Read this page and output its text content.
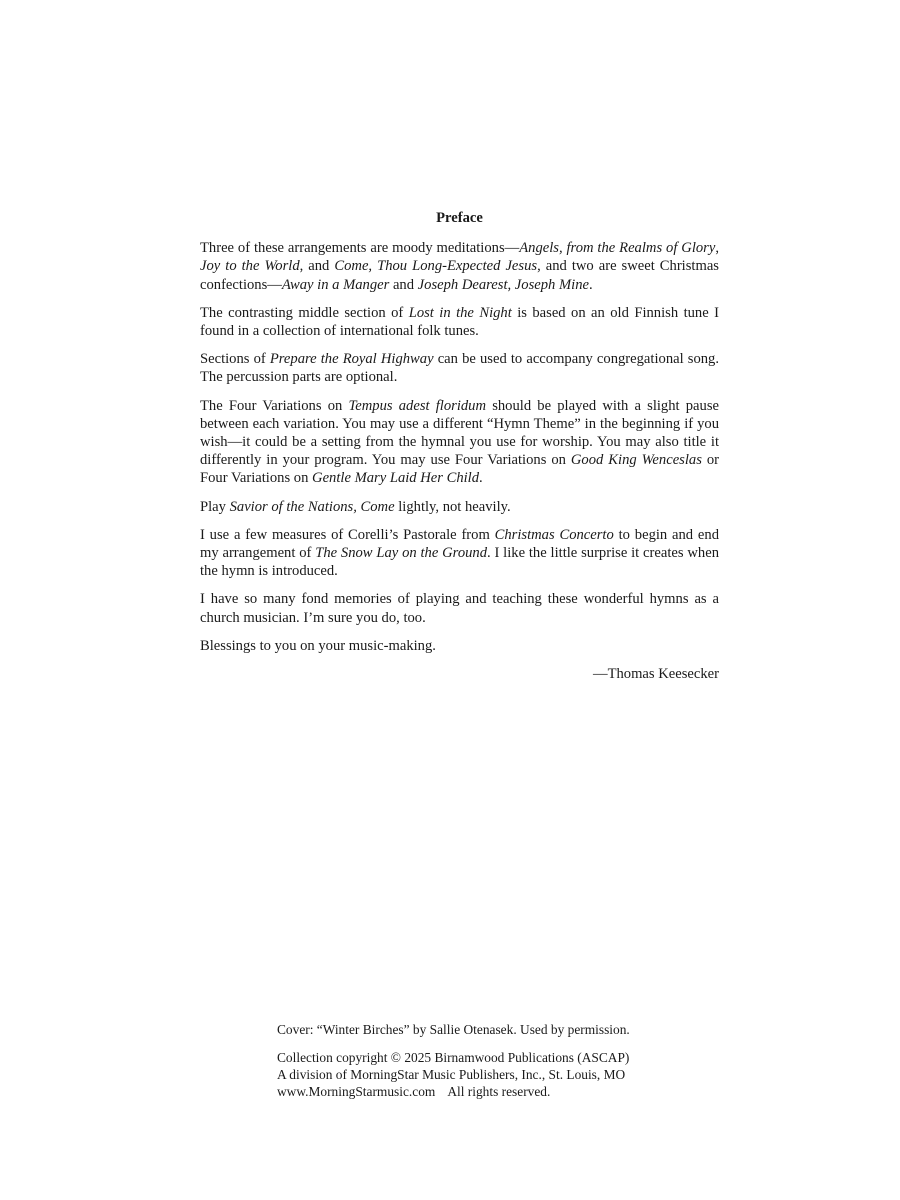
Preface

Three of these arrangements are moody meditations—Angels, from the Realms of Glory, Joy to the World, and Come, Thou Long-Expected Jesus, and two are sweet Christmas confections—Away in a Manger and Joseph Dearest, Joseph Mine.

The contrasting middle section of Lost in the Night is based on an old Finnish tune I found in a collection of international folk tunes.

Sections of Prepare the Royal Highway can be used to accompany congregational song. The percussion parts are optional.

The Four Variations on Tempus adest floridum should be played with a slight pause between each variation. You may use a different “Hymn Theme” in the beginning if you wish—it could be a setting from the hymnal you use for worship. You may also title it differently in your program. You may use Four Variations on Good King Wenceslas or Four Variations on Gentle Mary Laid Her Child.

Play Savior of the Nations, Come lightly, not heavily.

I use a few measures of Corelli’s Pastorale from Christmas Concerto to begin and end my arrangement of The Snow Lay on the Ground. I like the little surprise it creates when the hymn is introduced.

I have so many fond memories of playing and teaching these wonderful hymns as a church musician. I’m sure you do, too.

Blessings to you on your music-making.

—Thomas Keesecker

Cover: “Winter Birches” by Sallie Otenasek. Used by permission.

Collection copyright © 2025 Birnamwood Publications (ASCAP)

A division of MorningStar Music Publishers, Inc., St. Louis, MO

www.MorningStarmusic.com All rights reserved.
